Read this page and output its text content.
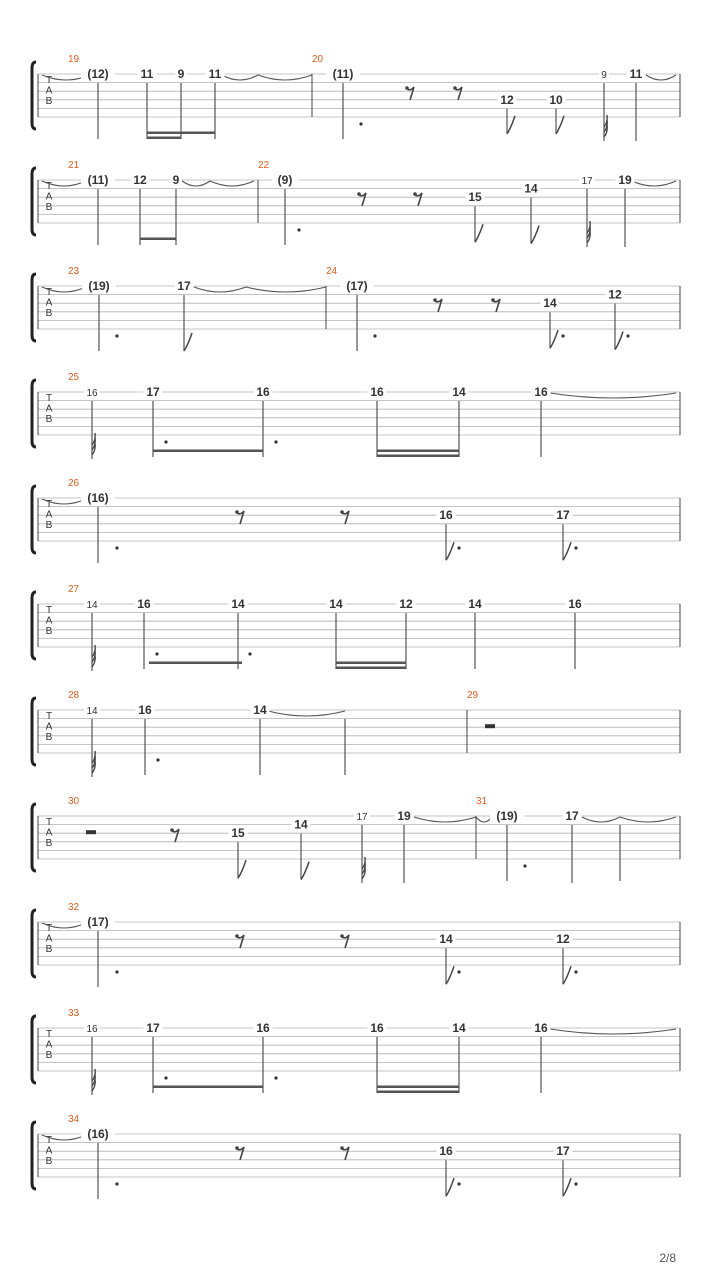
T
A
B
19	20
(12)	11 9 11	(11)
12	10
9 11
T
A
B
21	22
(11) 12 9	(9)
15
14
17 19
T
A
B
23	24
(19)	17	(17)
14
12
T
A
B
25
16	17	16	16	14	16
T
A
B
26
(16)
16	17
T
A
B
27
14	16	14	14	12	14	16
T
A
B
28	29
14	16	14
T
A
B
30	31
15
14
17 19	(19)	17
T
A
B
32
(17)
14	12
T
A
B
33
16	17	16	16	14	16
T
A
B
34
(16)
16	17
2/8
